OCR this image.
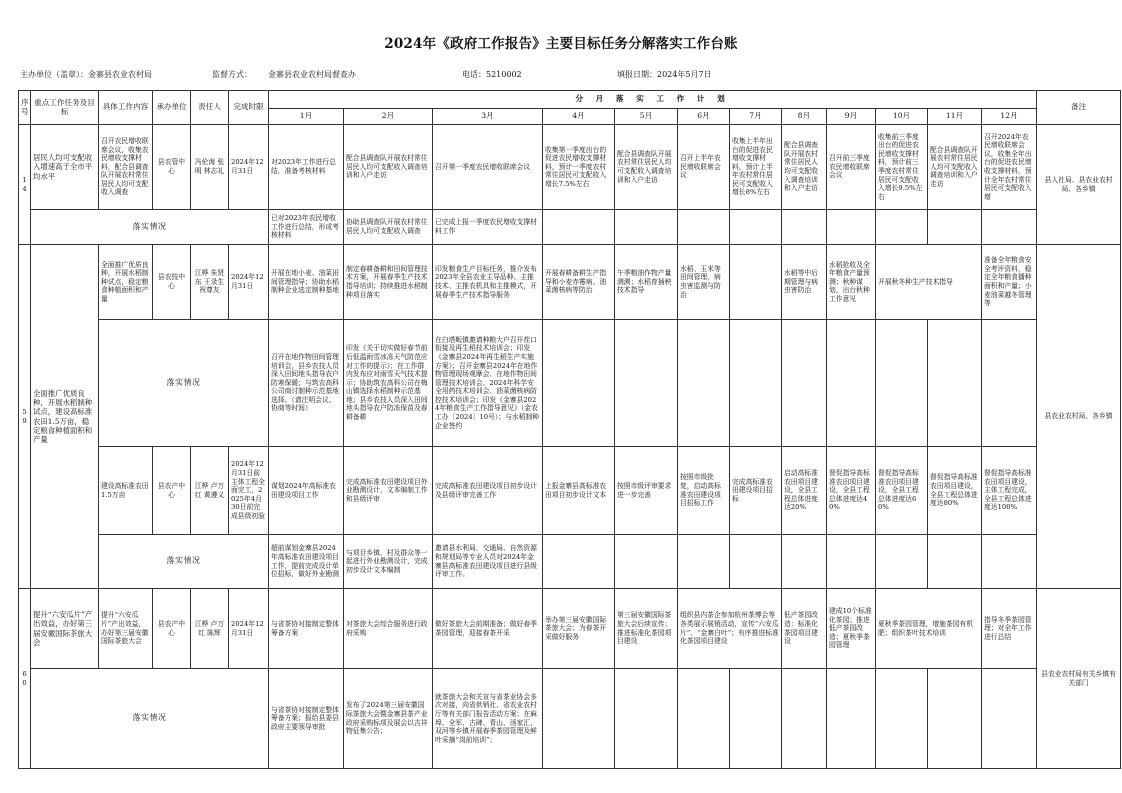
2024年《政府工作报告》主要目标任务分解落实工作台账
主办单位（盖章）：金寨县农业农村局	监督方式： 金寨县农业农村局督查办	电话：5210002	填报日期：2024年5月7日
序号	重点工作任务及目标	具体工作内容	承办单位	责任人	完成时限	分 月 落 实 工 作 计 划												备注
						1月	2月	3月	4月	5月	6月	7月	8月	9月	10月	11月	12月	
14	居民人均可支配收入增速高于全市平均水平	召开农民增收联席会议，收集农民增收支撑材料，配合县调查队开展农村常住居民人均可支配收入调查	县农管中心	冯伦海 张明 林志礼	2024年12月31日	对2023年工作进行总结，准备考核材料	配合县调查队开展农村常住居民人均可支配收入调查培训和入户走访	召开第一季度农民增收联席会议	收集第一季度出台的促进农民增收支撑材料，预计一季度农村常住居民可支配收入增长7.5%左右	配合县调查队开展农村常住居民人均可支配收入调查培训和入户走访	召开上半年农民增收联席会议	收集上半年出台的促进农民增收支撑材料，预计上半年农村常住居民可支配收入增长8%左右	配合县调查队开展农村常住居民人均可支配收入调查培训和入户走访	召开前三季度农民增收联席会议	收集前三季度出台的促进农民增收支撑材料，预计前三季度农村常住居民可支配收入增长9.5%左右	配合县调查队开展农村常住居民人均可支配收入调查培训和入户走访	召开2024年农民增收联席会议，收集全年出台的促进农民增收支撑材料，预计全年农村常住居民可支配收入增	县人社局、县农业农村局、各乡镇
	落实情况					已对2023年农民增收工作进行总结，形成考核材料	协助县调查队开展农村常住居民人均可支配收入调查	已完成上报一季度农民增收支撑材料工作										
59	全面推广优质良种，开展水稻制种试点，建设高标准农田1.5万亩，稳定粮食种植面积和产量	全面推广优质良种，开展水稻制种试点，稳定粮食种植面积和产量	县农技中心	江桦 朱贤东 王录生 祝尊友	2024年12月31日	开展在地小麦、油菜田间管理指导；协助水稻制种企业选定制种基地	制定春耕备耕和田间管理技术方案，开展春季生产技术指导培训；持续推进水稻制种项目落实	印发粮食生产目标任务，推介发布2023年全县农业主导品种、主推技术、主推农机具和主推模式，开展春季生产技术指导服务	开展春耕备耕生产指导和小麦赤霉病、油菜菌核病等防治	午季粮油作物产量测测；水稻育插秧技术指导	水稻、玉米等田间管理、病虫害监测与防治		水稻等中后期管理与病虫害防治	水稻抢收及全年粮食产量预测；秋种谋划，出台秋种工作意见	开展秋冬种生产技术指导		准备全年粮食安全考评资料，稳定全年粮食播种面积和产量；小麦油菜越冬管理等	县农业农村局、各乡镇
		落实情况				召开在地作物田间管理培训会，县乡农技人员深入田间地头指导农户防寒保暖；与筑农高科公司商讨制种示范基地选择。（请注明会议、协商等时间）	印发《关于切实做好春节前后低温雨雪冰冻天气防范应对工作的提示》；在工作群内发布应对雨雪天气技术提示；协助筑农高科公司在梅山镇选择水稻制种示范基地；县乡农技人员深入田间地头指导农户防冻保苗及春耕备耕	在白塔畈镇邀请种粮大户召开茬口衔接及再生稻技术培训会；印发《金寨县2024年再生稻生产实施方案》；召开金寨县2024年在地作物管理现场观摩会、在地作物田间管理技术培训会、2024年科学安全用药技术培训会、油菜菌核病防控技术培训会；印发《金寨县2024年粮食生产工作指导意见》（金农工办〔2024〕10号）；与水稻制种企业签约										
		建设高标准农田1.5万亩	县农产中心	江桦 卢万红 黄遵义	2024年12月31日前主体工程全面完工，2025年4月30日前完成县级初验	谋划2024年高标准农田建设项目工作	完成高标准农田建设项目外业勘测设计，文本编制工作和县级评审	完成高标准农田建设项目初步设计及县级评审完善工作	上报金寨县高标准农田项目初步设计文本	按照市级评审要求进一步完善	按照市级批复，启动高标准农田建设项目招标工作	完成高标准农田建设项目招标	启动高标准农田项目建设，全县工程总体进度达20%	督促指导高标准农田项目建设，全县工程总体进度达40%	督促指导高标准农田项目建设，全县工程总体进度达60%	督促指导高标准农田项目建设，全县工程总体进度达80%	督促指导高标准农田项目建设，主体工程完成，全县工程总体进度达100%	
		落实情况				超前谋划金寨县2024年高标准农田建设项目工作，提前完成设计单位招标，做好外业勘测	与项目乡镇、村及群众等一起进行外业勘测设计，完成初步设计文本编制	邀请县水利局、交通局、自然资源和规划局等专业人员对2024年金寨县高标准农田建设项目进行县级评审工作。										
60	提升“六安瓜片”产出效益，办好第三届安徽国际茶旅大会	提升“六安瓜片”产出效益，办好第三届安徽国际茶旅大会	县农产中心	江桦 卢万红 陈辉	2024年12月31日	与省茶协对接制定整体筹备方案	对茶旅大会综合服务进行政府采购	做好茶旅大会前期准备；做好春季茶园管理，迎接春茶开采	举办第三届安徽国际茶旅大会；为春茶开采做好服务	第三届安徽国际茶旅大会后续宣传；推进标准化茶园项目建设	组织县内茶企参加杭州茶博会等各类展示展销活动，宣传“六安瓜片”、“金寨白叶”；有序推进标准化茶园项目建设		低产茶园改造：标准化茶园项目建设	建成10个标准化茶园；推进低产茶园改造；夏秋季茶园管理	夏秋季茶园管理，增施茶园有机肥；组织茶叶技术培训		指导冬季茶园管理；对全年工作进行总结	县农业农村局有关乡镇有关部门
	落实情况					与省茶协对接制定整体筹备方案；报给县委县政府主要领导审批	发布了2024第三届安徽国际茶旅大会暨金寨县茶产业政府采购标项及展会以吉祥物征集公告；	就茶旅大会和关宣与省茶业协会多次对接，向省供销社、省农业农村厅等有关部门报告活动方案；在麻埠、全军、古碑、青山、汤家汇、双河等乡镇开展春季茶园管理及鲜叶采摘“岗前培训”；										
